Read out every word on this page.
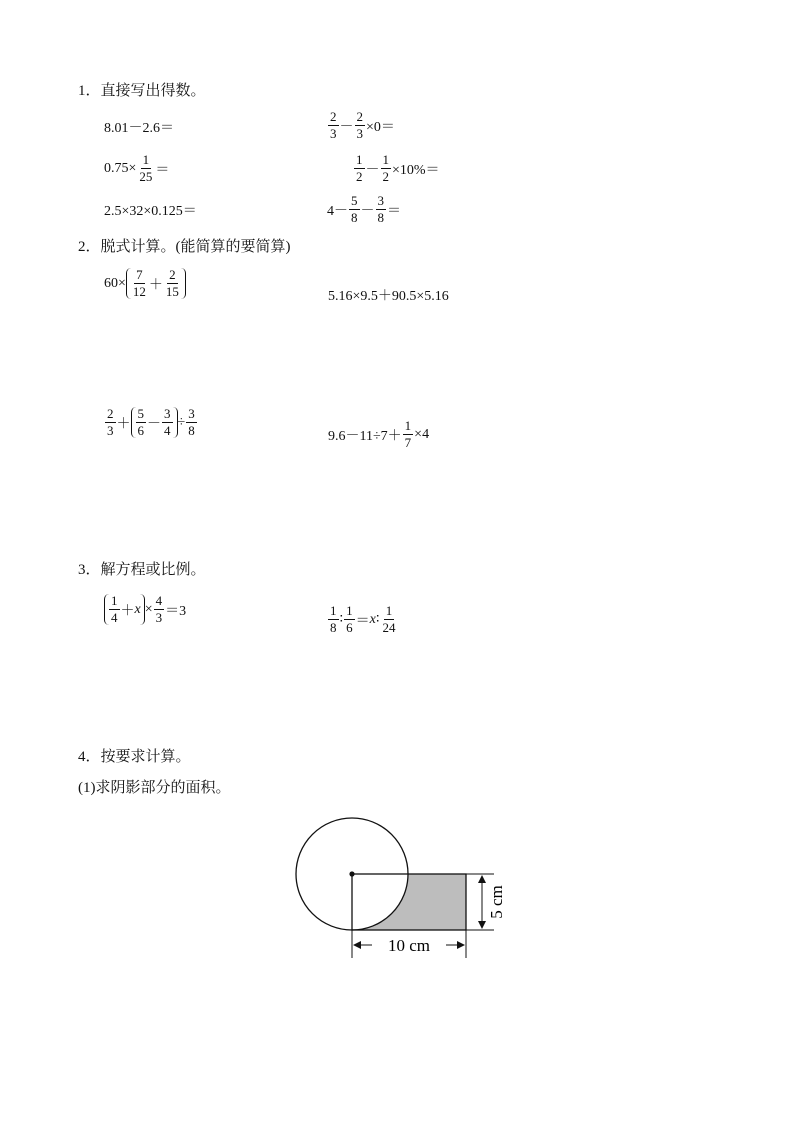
1．直接写出得数。
8.01－2.6＝	$\frac{2}{3} - \frac{2}{3} \times 0=$
$0.75\times \frac{1}{25}$ ＝	$\frac{1}{2} - \frac{1}{2} \times 10\%=$
2.5×32×0.125＝	$4- \frac{5}{8} - \frac{3}{8}$ ＝
2．脱式计算。(能简算的要简算)
$60\times \frac{7}{12} + \frac{2}{15}$	5.16×9.5＋90.5×5.16
$\frac{2}{3} + \frac{5}{6} - \frac{3}{4} \div \frac{3}{8}$	$9.6-11\div 7+ \frac{1}{7} \times 4$
3．解方程或比例。
$\frac{1}{4} + x \times \frac{4}{3} =3$	$\frac{1}{8}$ ∶ $\frac{1}{6} = x$ ∶ $\frac{1}{24}$
4．按要求计算。
(1)求阴影部分的面积。
10 cm
5 cm
